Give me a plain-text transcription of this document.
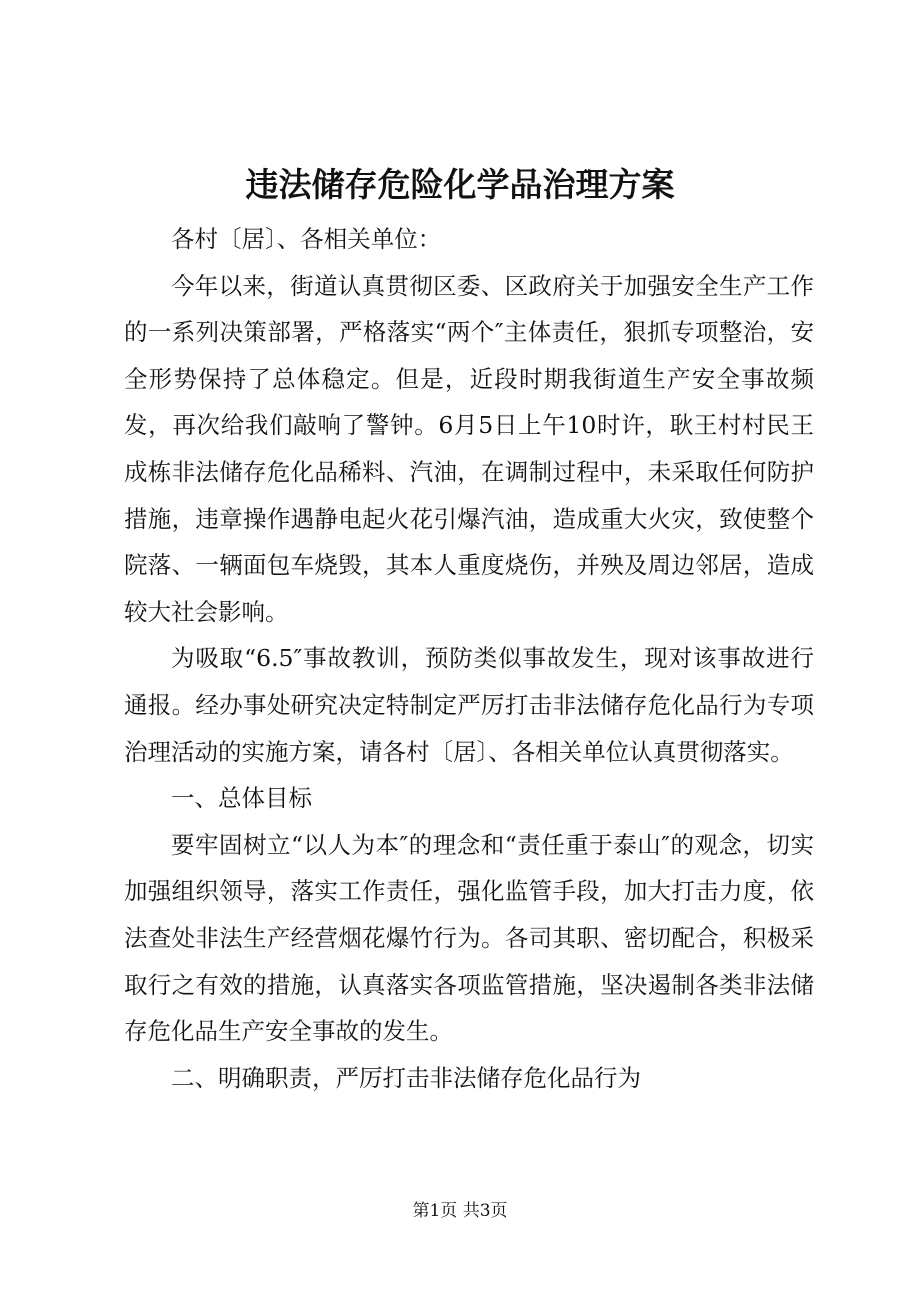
违法储存危险化学品治理方案

各村〔居〕、各相关单位：

今年以来，街道认真贯彻区委、区政府关于加强安全生产工作的一系列决策部署，严格落实“两个″主体责任，狠抓专项整治，安全形势保持了总体稳定。但是，近段时期我街道生产安全事故频发，再次给我们敲响了警钟。6月5日上午10时许，耿王村村民王成栋非法储存危化品稀料、汽油，在调制过程中，未采取任何防护措施，违章操作遇静电起火花引爆汽油，造成重大火灾，致使整个院落、一辆面包车烧毁，其本人重度烧伤，并殃及周边邻居，造成较大社会影响。

为吸取“6.5″事故教训，预防类似事故发生，现对该事故进行通报。经办事处研究决定特制定严厉打击非法储存危化品行为专项治理活动的实施方案，请各村〔居〕、各相关单位认真贯彻落实。

一、总体目标

要牢固树立“以人为本″的理念和“责任重于泰山″的观念，切实加强组织领导，落实工作责任，强化监管手段，加大打击力度，依法查处非法生产经营烟花爆竹行为。各司其职、密切配合，积极采取行之有效的措施，认真落实各项监管措施，坚决遏制各类非法储存危化品生产安全事故的发生。

二、明确职责，严厉打击非法储存危化品行为

第1页 共3页
